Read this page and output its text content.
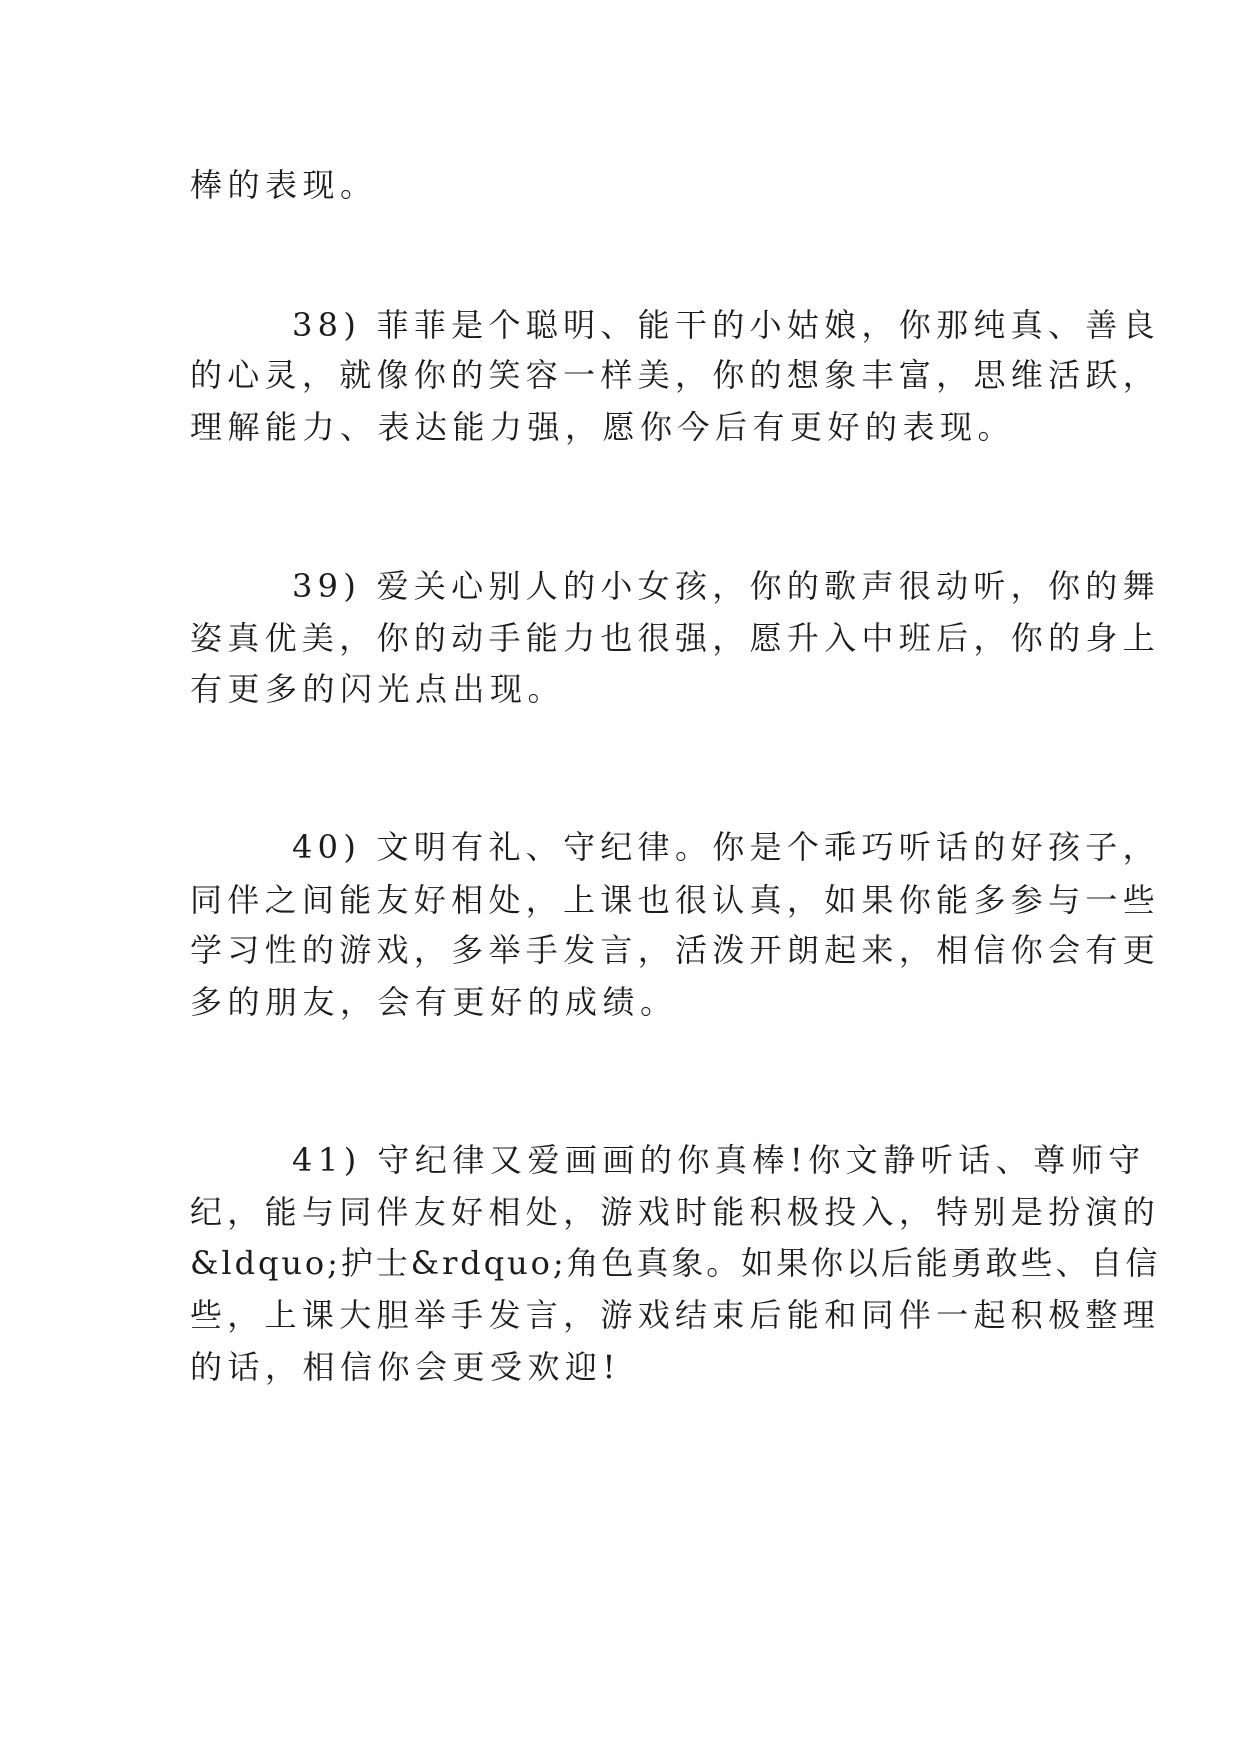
棒的表现。
38) 菲菲是个聪明、能干的小姑娘，你那纯真、善良
的心灵，就像你的笑容一样美，你的想象丰富，思维活跃，
理解能力、表达能力强，愿你今后有更好的表现。
39) 爱关心别人的小女孩，你的歌声很动听，你的舞
姿真优美，你的动手能力也很强，愿升入中班后，你的身上
有更多的闪光点出现。
40) 文明有礼、守纪律。你是个乖巧听话的好孩子，
同伴之间能友好相处，上课也很认真，如果你能多参与一些
学习性的游戏，多举手发言，活泼开朗起来，相信你会有更
多的朋友，会有更好的成绩。
41) 守纪律又爱画画的你真棒!你文静听话、尊师守
纪，能与同伴友好相处，游戏时能积极投入，特别是扮演的
&ldquo;护士&rdquo;角色真象。如果你以后能勇敢些、自信
些，上课大胆举手发言，游戏结束后能和同伴一起积极整理
的话，相信你会更受欢迎!
